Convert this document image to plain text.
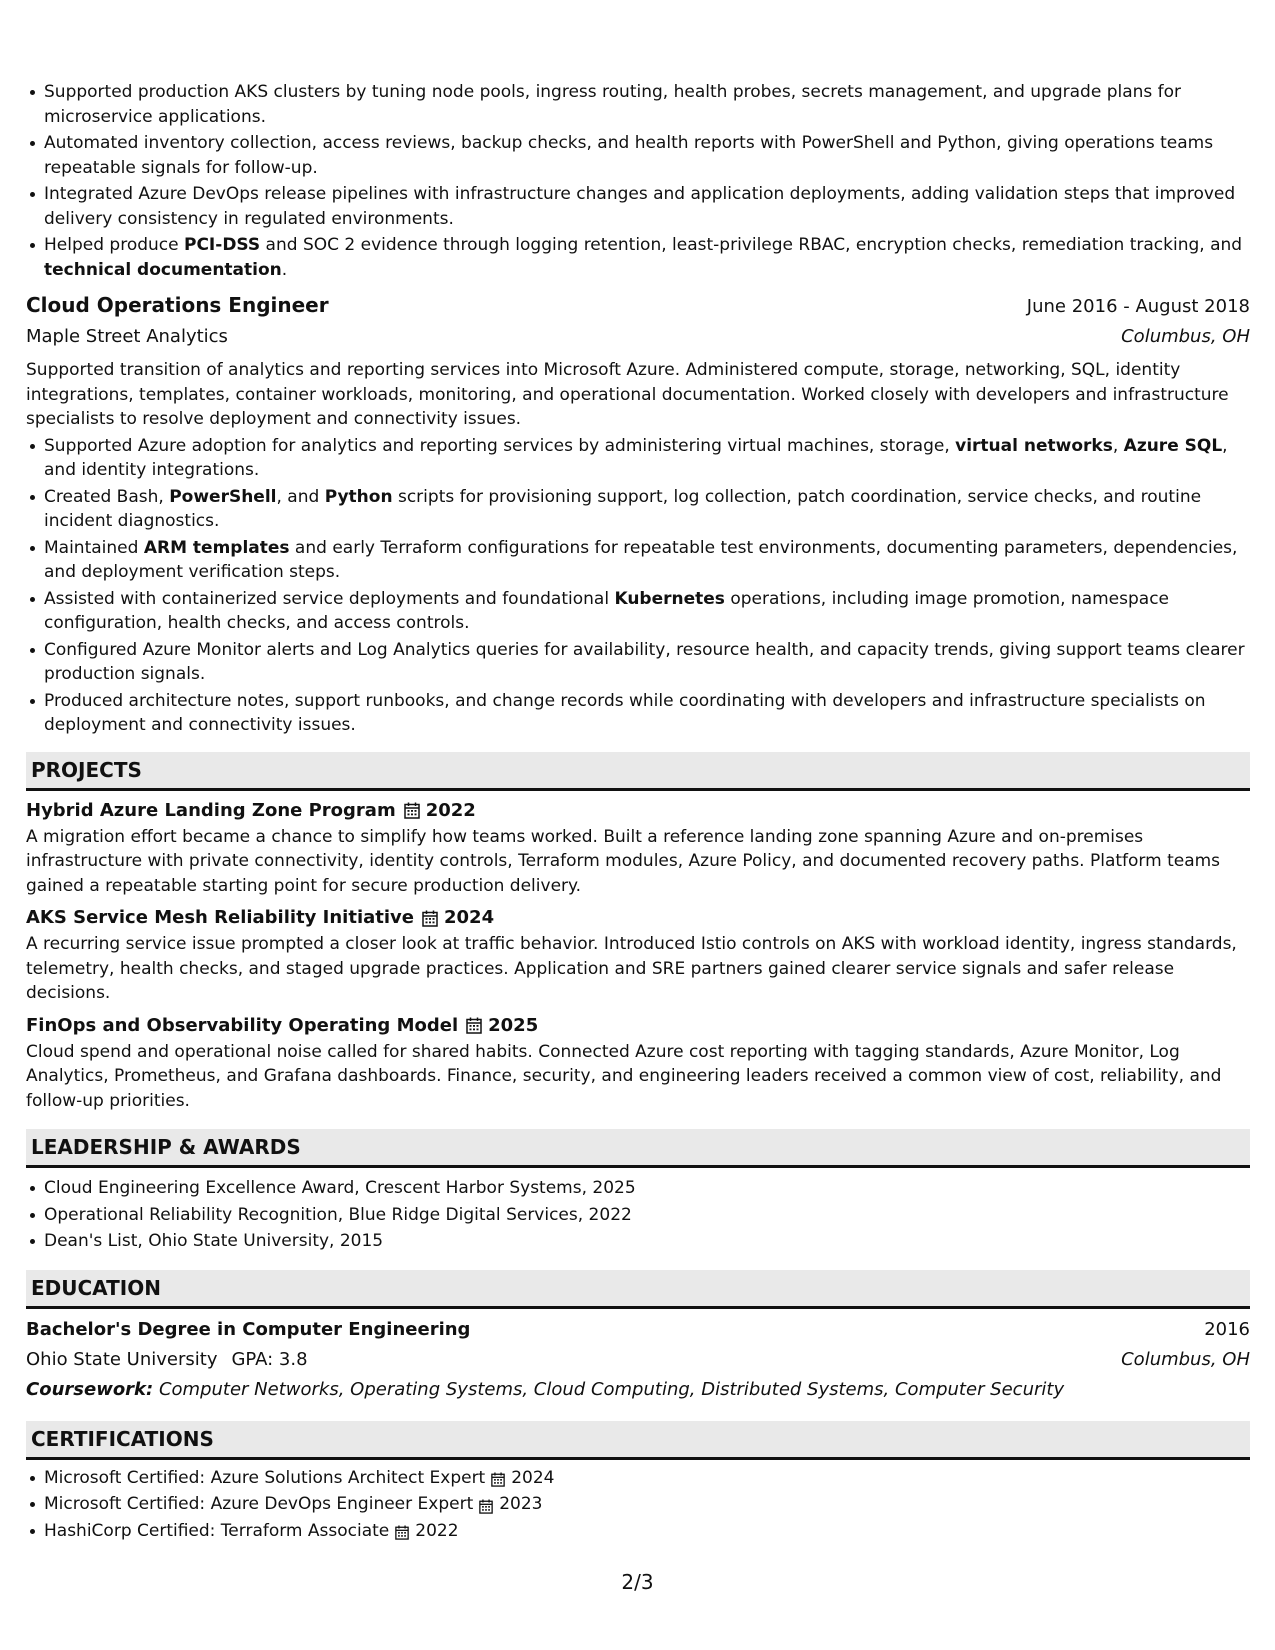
Supported production AKS clusters by tuning node pools, ingress routing, health probes, secrets management, and upgrade plans for microservice applications.
Automated inventory collection, access reviews, backup checks, and health reports with PowerShell and Python, giving operations teams repeatable signals for follow-up.
Integrated Azure DevOps release pipelines with infrastructure changes and application deployments, adding validation steps that improved delivery consistency in regulated environments.
Helped produce PCI-DSS and SOC 2 evidence through logging retention, least-privilege RBAC, encryption checks, remediation tracking, and technical documentation.
Cloud Operations Engineer	June 2016 - August 2018
Maple Street Analytics	Columbus, OH
Supported transition of analytics and reporting services into Microsoft Azure. Administered compute, storage, networking, SQL, identity integrations, templates, container workloads, monitoring, and operational documentation. Worked closely with developers and infrastructure specialists to resolve deployment and connectivity issues.
Supported Azure adoption for analytics and reporting services by administering virtual machines, storage, virtual networks, Azure SQL, and identity integrations.
Created Bash, PowerShell, and Python scripts for provisioning support, log collection, patch coordination, service checks, and routine incident diagnostics.
Maintained ARM templates and early Terraform configurations for repeatable test environments, documenting parameters, dependencies, and deployment verification steps.
Assisted with containerized service deployments and foundational Kubernetes operations, including image promotion, namespace configuration, health checks, and access controls.
Configured Azure Monitor alerts and Log Analytics queries for availability, resource health, and capacity trends, giving support teams clearer production signals.
Produced architecture notes, support runbooks, and change records while coordinating with developers and infrastructure specialists on deployment and connectivity issues.
PROJECTS
Hybrid Azure Landing Zone Program 2022
A migration effort became a chance to simplify how teams worked. Built a reference landing zone spanning Azure and on-premises infrastructure with private connectivity, identity controls, Terraform modules, Azure Policy, and documented recovery paths. Platform teams gained a repeatable starting point for secure production delivery.
AKS Service Mesh Reliability Initiative 2024
A recurring service issue prompted a closer look at traffic behavior. Introduced Istio controls on AKS with workload identity, ingress standards, telemetry, health checks, and staged upgrade practices. Application and SRE partners gained clearer service signals and safer release decisions.
FinOps and Observability Operating Model 2025
Cloud spend and operational noise called for shared habits. Connected Azure cost reporting with tagging standards, Azure Monitor, Log Analytics, Prometheus, and Grafana dashboards. Finance, security, and engineering leaders received a common view of cost, reliability, and follow-up priorities.
LEADERSHIP & AWARDS
Cloud Engineering Excellence Award, Crescent Harbor Systems, 2025
Operational Reliability Recognition, Blue Ridge Digital Services, 2022
Dean's List, Ohio State University, 2015
EDUCATION
Bachelor's Degree in Computer Engineering	2016
Ohio State University GPA: 3.8	Columbus, OH
Coursework: Computer Networks, Operating Systems, Cloud Computing, Distributed Systems, Computer Security
CERTIFICATIONS
Microsoft Certified: Azure Solutions Architect Expert 2024
Microsoft Certified: Azure DevOps Engineer Expert 2023
HashiCorp Certified: Terraform Associate 2022
2/3
